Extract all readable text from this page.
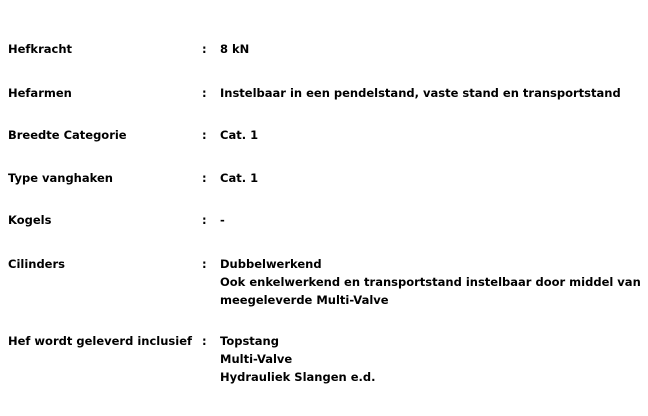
Hefkracht	:	8 kN
Hefarmen	:	Instelbaar in een pendelstand, vaste stand en transportstand
Breedte Categorie	:	Cat. 1
Type vanghaken	:	Cat. 1
Kogels	:	-
Cilinders	:	Dubbelwerkend
Ook enkelwerkend en transportstand instelbaar door middel van
meegeleverde Multi-Valve
Hef wordt geleverd inclusief :	Topstang
Multi-Valve
Hydrauliek Slangen e.d.
